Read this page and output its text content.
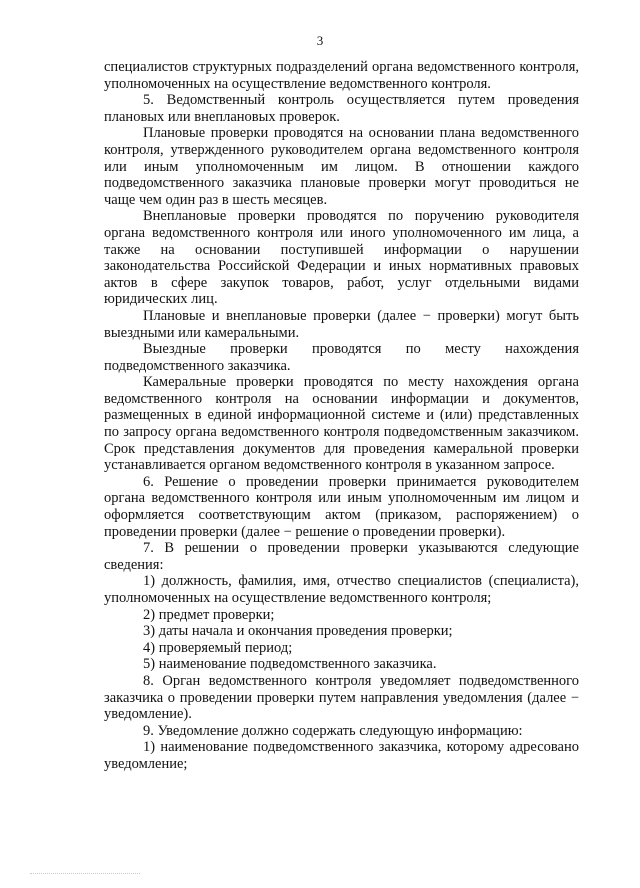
3

специалистов структурных подразделений органа ведомственного контроля, уполномоченных на осуществление ведомственного контроля.

5. Ведомственный контроль осуществляется путем проведения плановых или внеплановых проверок.

Плановые проверки проводятся на основании плана ведомственного контроля, утвержденного руководителем органа ведомственного контроля или иным уполномоченным им лицом. В отношении каждого подведомственного заказчика плановые проверки могут проводиться не чаще чем один раз в шесть месяцев.

Внеплановые проверки проводятся по поручению руководителя органа ведомственного контроля или иного уполномоченного им лица, а также на основании поступившей информации о нарушении законодательства Российской Федерации и иных нормативных правовых актов в сфере закупок товаров, работ, услуг отдельными видами юридических лиц.

Плановые и внеплановые проверки (далее − проверки) могут быть выездными или камеральными.

Выездные проверки проводятся по месту нахождения подведомственного заказчика.

Камеральные проверки проводятся по месту нахождения органа ведомственного контроля на основании информации и документов, размещенных в единой информационной системе и (или) представленных по запросу органа ведомственного контроля подведомственным заказчиком. Срок представления документов для проведения камеральной проверки устанавливается органом ведомственного контроля в указанном запросе.

6. Решение о проведении проверки принимается руководителем органа ведомственного контроля или иным уполномоченным им лицом и оформляется соответствующим актом (приказом, распоряжением) о проведении проверки (далее − решение о проведении проверки).

7. В решении о проведении проверки указываются следующие сведения:

1) должность, фамилия, имя, отчество специалистов (специалиста), уполномоченных на осуществление ведомственного контроля;

2) предмет проверки;

3) даты начала и окончания проведения проверки;

4) проверяемый период;

5) наименование подведомственного заказчика.

8. Орган ведомственного контроля уведомляет подведомственного заказчика о проведении проверки путем направления уведомления (далее − уведомление).

9. Уведомление должно содержать следующую информацию:

1) наименование подведомственного заказчика, которому адресовано уведомление;
